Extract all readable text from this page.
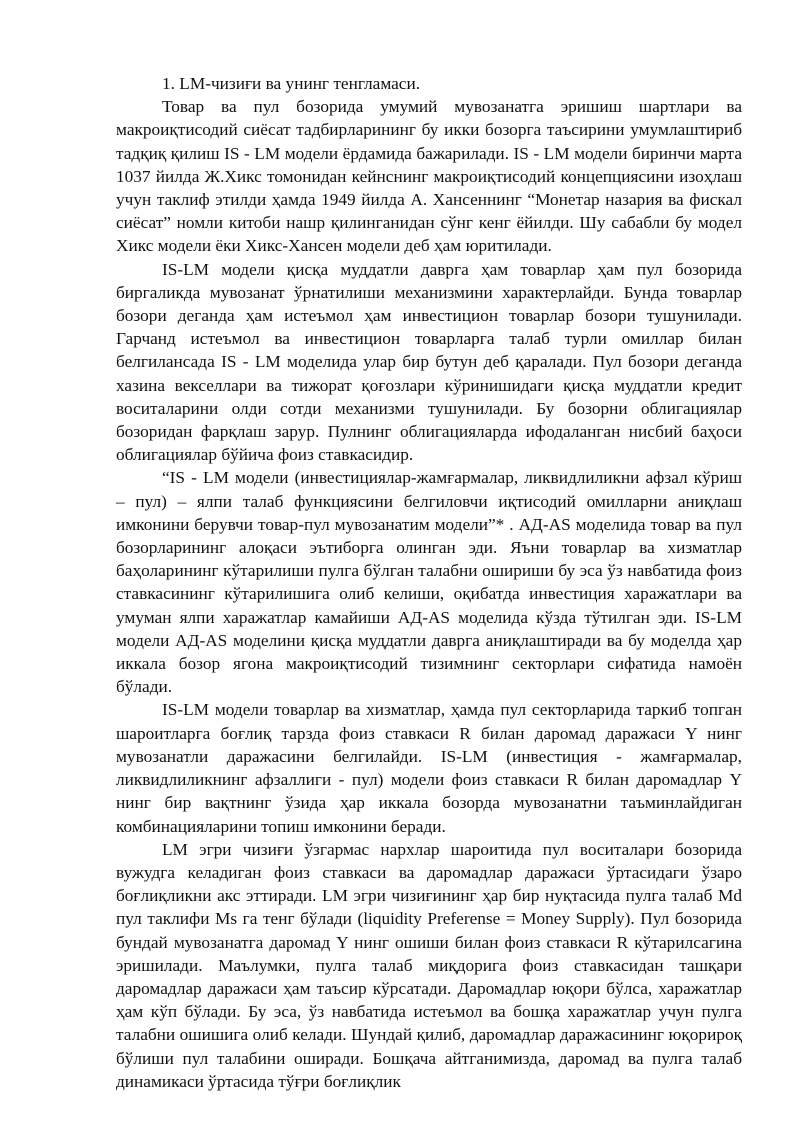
1. LM-чизиғи ва унинг тенгламаси.

Товар ва пул бозорида умумий мувозанатга эришиш шартлари ва макроиқтисодий сиёсат тадбирларининг бу икки бозорга таъсирини умумлаштириб тадқиқ қилиш IS - LM модели ёрдамида бажарилади. IS - LM модели биринчи марта 1037 йилда Ж.Хикс томонидан кейнснинг макроиқтисодий концепциясини изоҳлаш учун таклиф этилди ҳамда 1949 йилда А. Хансеннинг “Монетар назария ва фискал сиёсат” номли китоби нашр қилинганидан сўнг кенг ёйилди. Шу сабабли бу модел Хикс модели ёки Хикс-Хансен модели деб ҳам юритилади.

IS-LM модели қисқа муддатли даврга ҳам товарлар ҳам пул бозорида биргаликда мувозанат ўрнатилиши механизмини характерлайди. Бунда товарлар бозори деганда ҳам истеъмол ҳам инвестицион товарлар бозори тушунилади. Гарчанд истеъмол ва инвестицион товарларга талаб турли омиллар билан белгилансада IS - LM моделида улар бир бутун деб қаралади. Пул бозори деганда хазина векселлари ва тижорат қоғозлари кўринишидаги қисқа муддатли кредит воситаларини олди сотди механизми тушунилади. Бу бозорни облигациялар бозоридан фарқлаш зарур. Пулнинг облигацияларда ифодаланган нисбий баҳоси облигациялар бўйича фоиз ставкасидир.

“IS - LM модели (инвестициялар-жамғармалар, ликвидлиликни афзал кўриш – пул) – ялпи талаб функциясини белгиловчи иқтисодий омилларни аниқлаш имконини берувчи товар-пул мувозанатим модели”* . АД-AS моделида товар ва пул бозорларининг алоқаси эътиборга олинган эди. Яъни товарлар ва хизматлар баҳоларининг кўтарилиши пулга бўлган талабни ошириши бу эса ўз навбатида фоиз ставкасининг кўтарилишига олиб келиши, оқибатда инвестиция харажатлари ва умуман ялпи харажатлар камайиши АД-AS моделида кўзда тўтилган эди. IS-LM модели АД-AS моделини қисқа муддатли даврга аниқлаштиради ва бу моделда ҳар иккала бозор ягона макроиқтисодий тизимнинг секторлари сифатида намоён бўлади.

IS-LM модели товарлар ва хизматлар, ҳамда пул секторларида таркиб топган шароитларга боғлиқ тарзда фоиз ставкаси R билан даромад даражаси Y нинг мувозанатли даражасини белгилайди. IS-LM (инвестиция - жамғармалар, ликвидлиликнинг афзаллиги - пул) модели фоиз ставкаси R билан даромадлар Y нинг бир вақтнинг ўзида ҳар иккала бозорда мувозанатни таъминлайдиган комбинацияларини топиш имконини беради.

LM эгри чизиғи ўзгармас нархлар шароитида пул воситалари бозорида вужудга келадиган фоиз ставкаси ва даромадлар даражаси ўртасидаги ўзаро боғлиқликни акс эттиради. LM эгри чизиғининг ҳар бир нуқтасида пулга талаб Md пул таклифи Ms га тенг бўлади (liquidity Preferense = Money Supply). Пул бозорида бундай мувозанатга даромад Y нинг ошиши билан фоиз ставкаси R кўтарилсагина эришилади. Маълумки, пулга талаб миқдорига фоиз ставкасидан ташқари даромадлар даражаси ҳам таъсир кўрсатади. Даромадлар юқори бўлса, харажатлар ҳам кўп бўлади. Бу эса, ўз навбатида истеъмол ва бошқа харажатлар учун пулга талабни ошишига олиб келади. Шундай қилиб, даромадлар даражасининг юқорироқ бўлиши пул талабини оширади. Бошқача айтганимизда, даромад ва пулга талаб динамикаси ўртасида тўғри боғлиқлик
